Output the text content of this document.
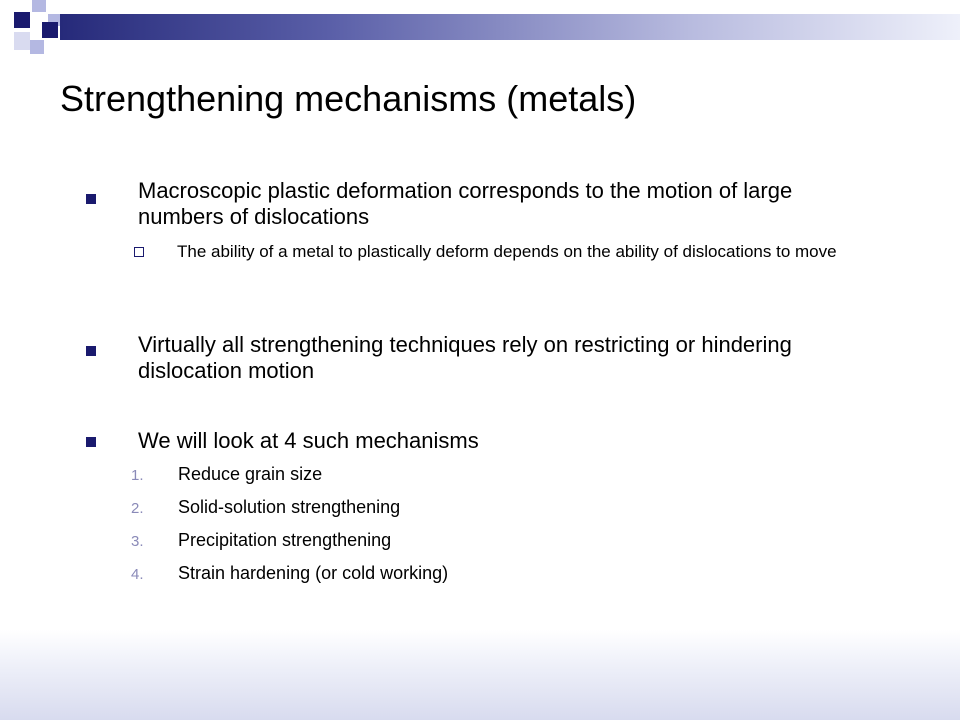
Strengthening mechanisms (metals)
Macroscopic plastic deformation corresponds to the motion of large numbers of dislocations
The ability of a metal to plastically deform depends on the ability of dislocations to move
Virtually all strengthening techniques rely on restricting or hindering dislocation motion
We will look at 4 such mechanisms
1. Reduce grain size
2. Solid-solution strengthening
3. Precipitation strengthening
4. Strain hardening (or cold working)
